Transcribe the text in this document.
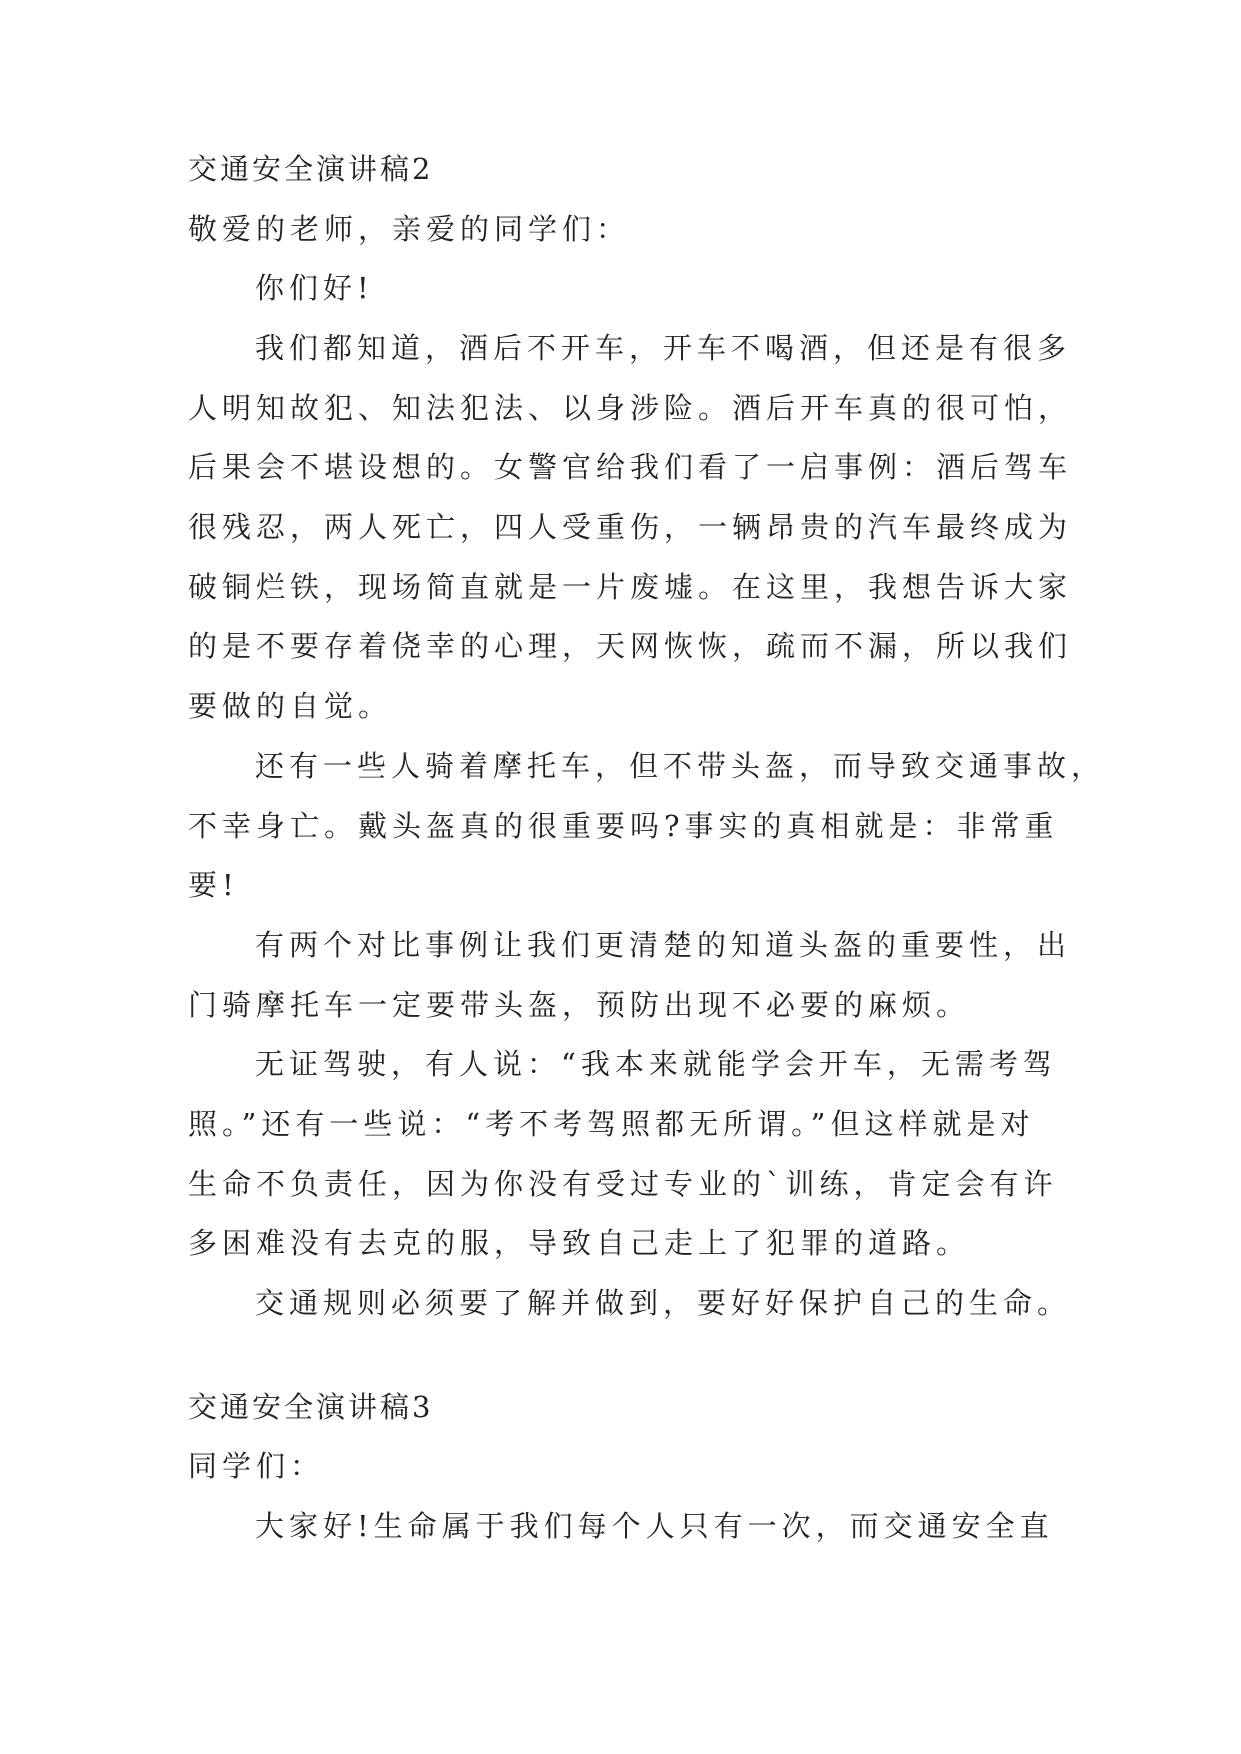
交通安全演讲稿2

敬爱的老师，亲爱的同学们：

你们好!

我们都知道，酒后不开车，开车不喝酒，但还是有很多

人明知故犯、知法犯法、以身涉险。酒后开车真的很可怕，

后果会不堪设想的。女警官给我们看了一启事例：酒后驾车

很残忍，两人死亡，四人受重伤，一辆昂贵的汽车最终成为

破铜烂铁，现场简直就是一片废墟。在这里，我想告诉大家

的是不要存着侥幸的心理，天网恢恢，疏而不漏，所以我们

要做的自觉。

还有一些人骑着摩托车，但不带头盔，而导致交通事故，

不幸身亡。戴头盔真的很重要吗?事实的真相就是：非常重

要!

有两个对比事例让我们更清楚的知道头盔的重要性，出

门骑摩托车一定要带头盔，预防出现不必要的麻烦。

无证驾驶，有人说：“我本来就能学会开车，无需考驾

照。”还有一些说：“考不考驾照都无所谓。”但这样就是对

生命不负责任，因为你没有受过专业的`训练，肯定会有许

多困难没有去克的服，导致自己走上了犯罪的道路。

交通规则必须要了解并做到，要好好保护自己的生命。

交通安全演讲稿3

同学们：

大家好!生命属于我们每个人只有一次，而交通安全直
